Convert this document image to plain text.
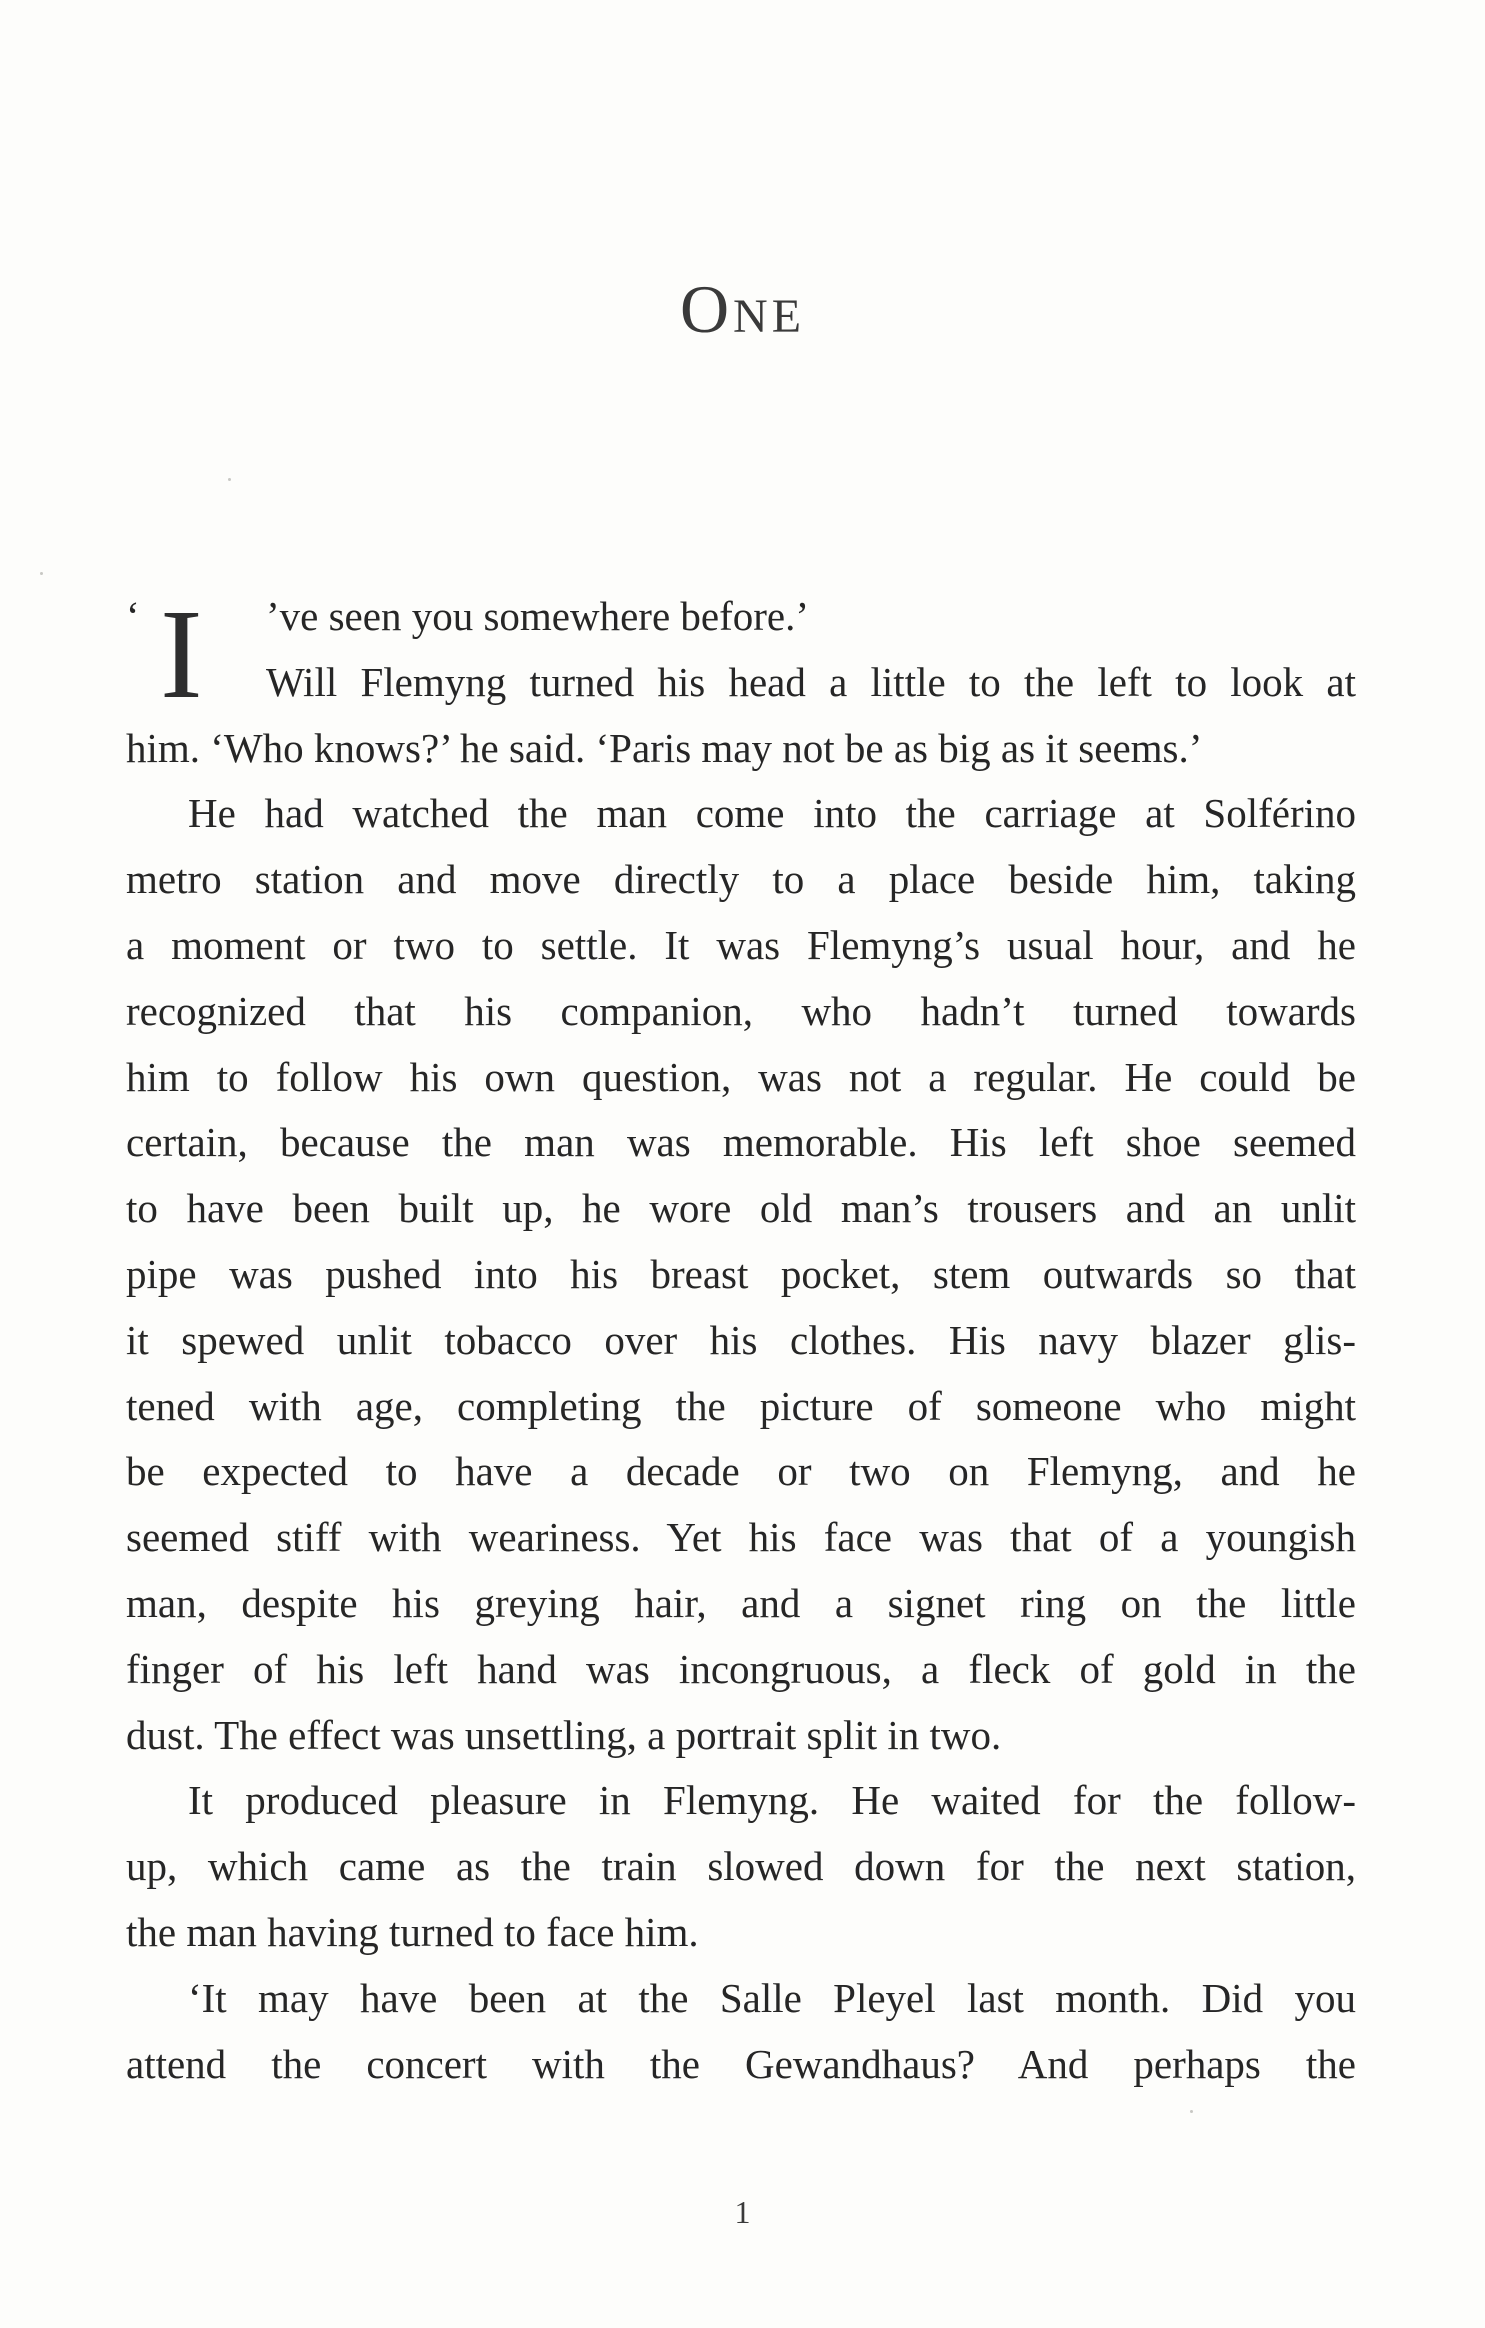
One
‘ I ’ve seen you somewhere before.’
Will Flemyng turned his head a little to the left to look at
him. ‘Who knows?’ he said. ‘Paris may not be as big as it seems.’
He had watched the man come into the carriage at Solférino
metro station and move directly to a place beside him, taking
a moment or two to settle. It was Flemyng’s usual hour, and he
recognized that his companion, who hadn’t turned towards
him to follow his own question, was not a regular. He could be
certain, because the man was memorable. His left shoe seemed
to have been built up, he wore old man’s trousers and an unlit
pipe was pushed into his breast pocket, stem outwards so that
it spewed unlit tobacco over his clothes. His navy blazer glis-
tened with age, completing the picture of someone who might
be expected to have a decade or two on Flemyng, and he
seemed stiff with weariness. Yet his face was that of a youngish
man, despite his greying hair, and a signet ring on the little
finger of his left hand was incongruous, a fleck of gold in the
dust. The effect was unsettling, a portrait split in two.
It produced pleasure in Flemyng. He waited for the follow-
up, which came as the train slowed down for the next station,
the man having turned to face him.
‘It may have been at the Salle Pleyel last month. Did you
attend the concert with the Gewandhaus? And perhaps the
1
